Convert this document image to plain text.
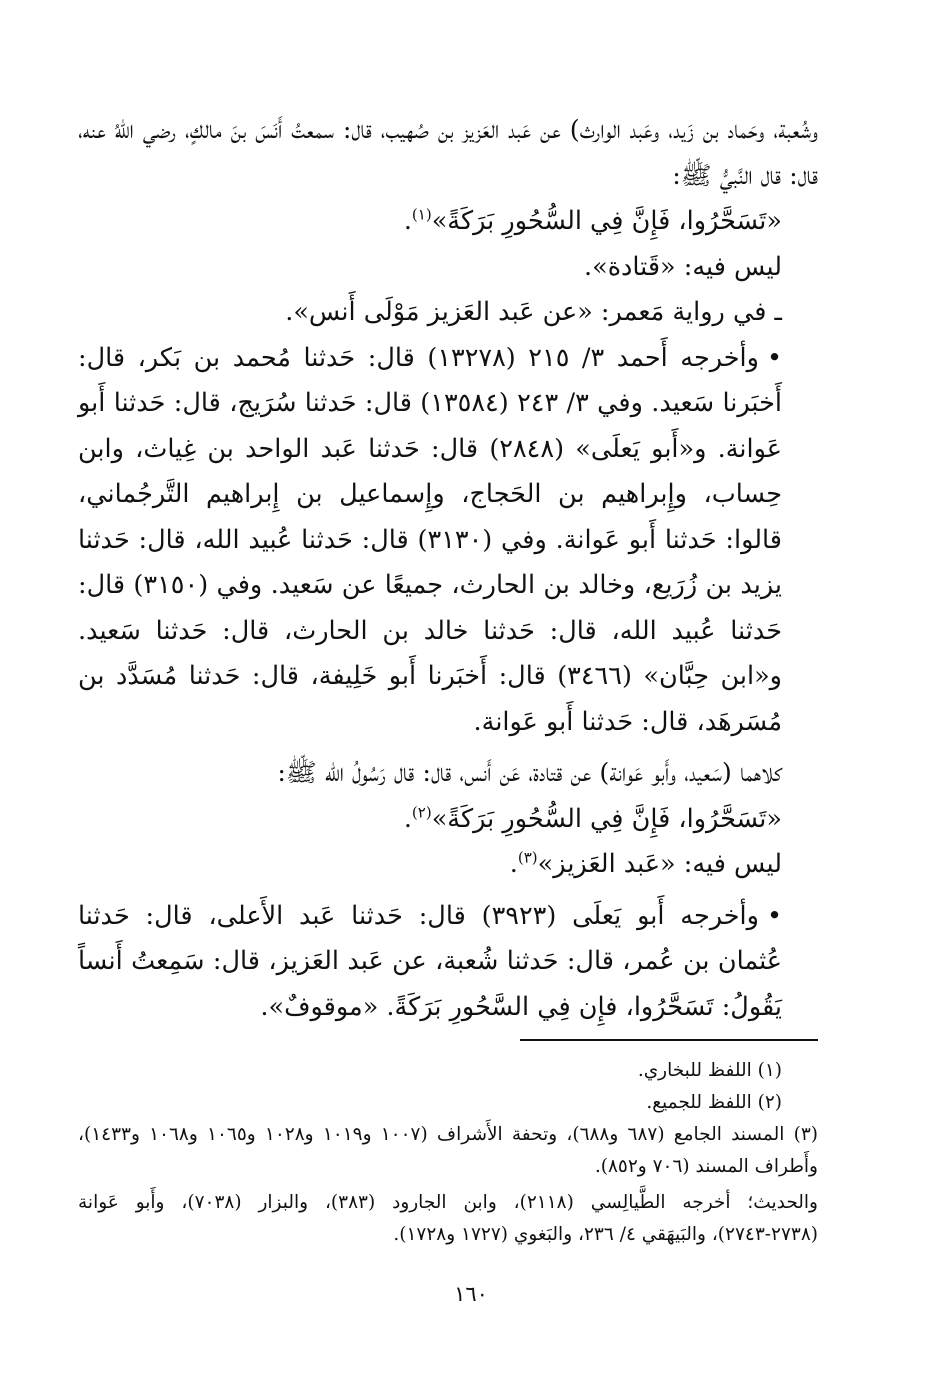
وشُعبة، وحَماد بن زَيد، وعَبد الوارث) عن عَبد العَزيز بن صُهيب، قال: سمعتُ أَنَسَ بنَ مالكٍ، رضي اللهُ عنه، قال: قال النَّبيُّ ﷺ:

«تَسَحَّرُوا، فَإِنَّ فِي السُّحُورِ بَرَكَةً»$^{(١)}$.

ليس فيه: «قَتادة».

ـ في رواية مَعمر: «عن عَبد العَزيز مَوْلَى أَنس».

•وأخرجه أَحمد ٣/ ٢١٥ (١٣٢٧٨) قال: حَدثنا مُحمد بن بَكر، قال: أَخبَرنا سَعيد. وفي ٣/ ٢٤٣ (١٣٥٨٤) قال: حَدثنا سُرَيج، قال: حَدثنا أَبو عَوانة. و«أَبو يَعلَى» (٢٨٤٨) قال: حَدثنا عَبد الواحد بن غِياث، وابن حِساب، وإِبراهيم بن الحَجاج، وإِسماعيل بن إِبراهيم التَّرجُماني، قالوا: حَدثنا أَبو عَوانة. وفي (٣١٣٠) قال: حَدثنا عُبيد الله، قال: حَدثنا يزيد بن زُرَيع، وخالد بن الحارث، جميعًا عن سَعيد. وفي (٣١٥٠) قال: حَدثنا عُبيد الله، قال: حَدثنا خالد بن الحارث، قال: حَدثنا سَعيد. و«ابن حِبَّان» (٣٤٦٦) قال: أَخبَرنا أَبو خَلِيفة، قال: حَدثنا مُسَدَّد بن مُسَرهَد، قال: حَدثنا أَبو عَوانة.

كلاهما (سَعيد، وأَبو عَوانة) عن قتادة، عَن أَنس، قال: قال رَسُولُ الله ﷺ:

«تَسَحَّرُوا، فَإِنَّ فِي السُّحُورِ بَرَكَةً»$^{(٢)}$.

ليس فيه: «عَبد العَزيز»$^{(٣)}$.

•وأخرجه أَبو يَعلَى (٣٩٢٣) قال: حَدثنا عَبد الأَعلى، قال: حَدثنا عُثمان بن عُمر، قال: حَدثنا شُعبة، عن عَبد العَزيز، قال: سَمِعتُ أَنساً يَقُولُ: تَسَحَّرُوا، فإِن فِي السَّحُورِ بَرَكَةً. «موقوفٌ».

(١) اللفظ للبخاري.

(٢) اللفظ للجميع.

(٣) المسند الجامع (٦٨٧ و٦٨٨)، وتحفة الأَشراف (١٠٠٧ و١٠١٩ و١٠٢٨ و١٠٦٥ و١٠٦٨ و١٤٣٣)، وأَطراف المسند (٧٠٦ و٨٥٢).

والحديث؛ أخرجه الطَّيالِسي (٢١١٨)، وابن الجارود (٣٨٣)، والبزار (٧٠٣٨)، وأَبو عَوانة (٢٧٣٨-٢٧٤٣)، والبَيهَقي ٤/ ٢٣٦، والبَغوي (١٧٢٧ و١٧٢٨).

١٦٠
